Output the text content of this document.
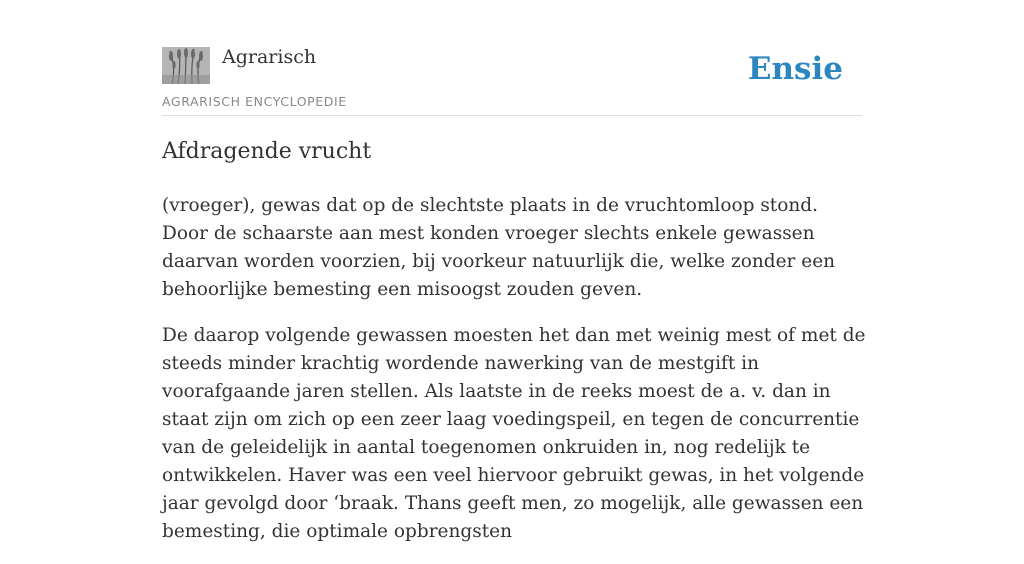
Agrarisch
AGRARISCH ENCYCLOPEDIE
Ensie
Afdragende vrucht

(vroeger), gewas dat op de slechtste plaats in de vruchtomloop stond. Door de schaarste aan mest konden vroeger slechts enkele gewassen daarvan worden voorzien, bij voorkeur natuurlijk die, welke zonder een behoorlijke bemesting een misoogst zouden geven.

De daarop volgende gewassen moesten het dan met weinig mest of met de steeds minder krachtig wordende nawerking van de mestgift in voorafgaande jaren stellen. Als laatste in de reeks moest de a. v. dan in staat zijn om zich op een zeer laag voedingspeil, en tegen de concurrentie van de geleidelijk in aantal toegenomen onkruiden in, nog redelijk te ontwikkelen. Haver was een veel hiervoor gebruikt gewas, in het volgende jaar gevolgd door ‘braak. Thans geeft men, zo mogelijk, alle gewassen een bemesting, die optimale opbrengsten
